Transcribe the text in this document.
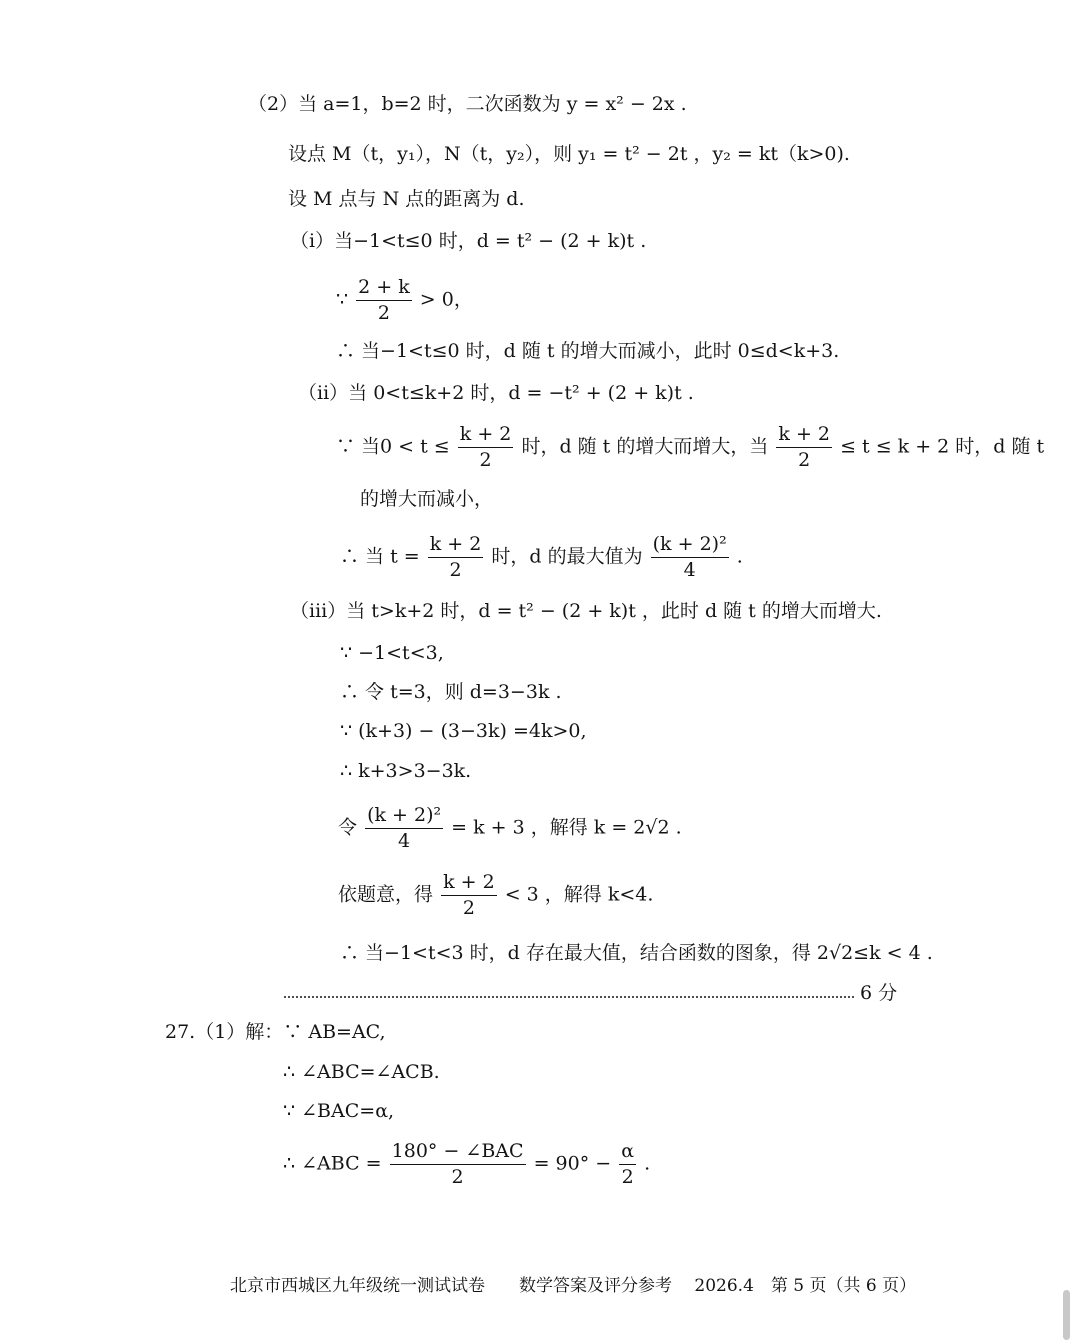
（2）当 a=1，b=2 时，二次函数为 y = x² − 2x .
设点 M（t，y₁），N（t，y₂），则 y₁ = t² − 2t ，y₂ = kt（k>0).
设 M 点与 N 点的距离为 d.
（ⅰ）当−1<t≤0 时，d = t² − (2 + k)t .
∵ $\frac{2 + k}{2} > 0$，
∴ 当−1<t≤0 时，d 随 t 的增大而减小，此时 0≤d<k+3.
（ⅱ）当 0<t≤k+2 时，d = −t² + (2 + k)t .
∵ 当$0 < t \le \frac{k + 2}{2}$ 时，d 随 t 的增大而增大，当 $\frac{k + 2}{2} \le t \le k + 2$ 时，d 随 t
的增大而减小，
∴ 当 $t = \frac{k + 2}{2}$ 时，d 的最大值为 $\frac{\text{(k + 2)²}}{4}$ .
（ⅲ）当 t>k+2 时，d = t² − (2 + k)t ，此时 d 随 t 的增大而增大.
∵ −1<t<3,
∴ 令 t=3，则 d=3−3k .
∵ (k+3) − (3−3k) =4k>0,
∴ k+3>3−3k.
令 $\frac{\text{(k + 2)²}}{4} = k + 3$ ，解得 k = 2√2 .
依题意，得 $\frac{k + 2}{2} < 3$ ，解得 k<4.
∴ 当−1<t<3 时，d 存在最大值，结合函数的图象，得 2√2≤k < 4 .
6 分
27.（1）解：∵ AB=AC,
∴ ∠ABC=∠ACB.
∵ ∠BAC=α,
∴ ∠ABC = $\frac{\text{180° − ∠BAC}}{2} = 90^\circ - \frac{\alpha}{2}$ .
北京市西城区九年级统一测试试卷　　数学答案及评分参考　 2026.4　第 5 页（共 6 页）
